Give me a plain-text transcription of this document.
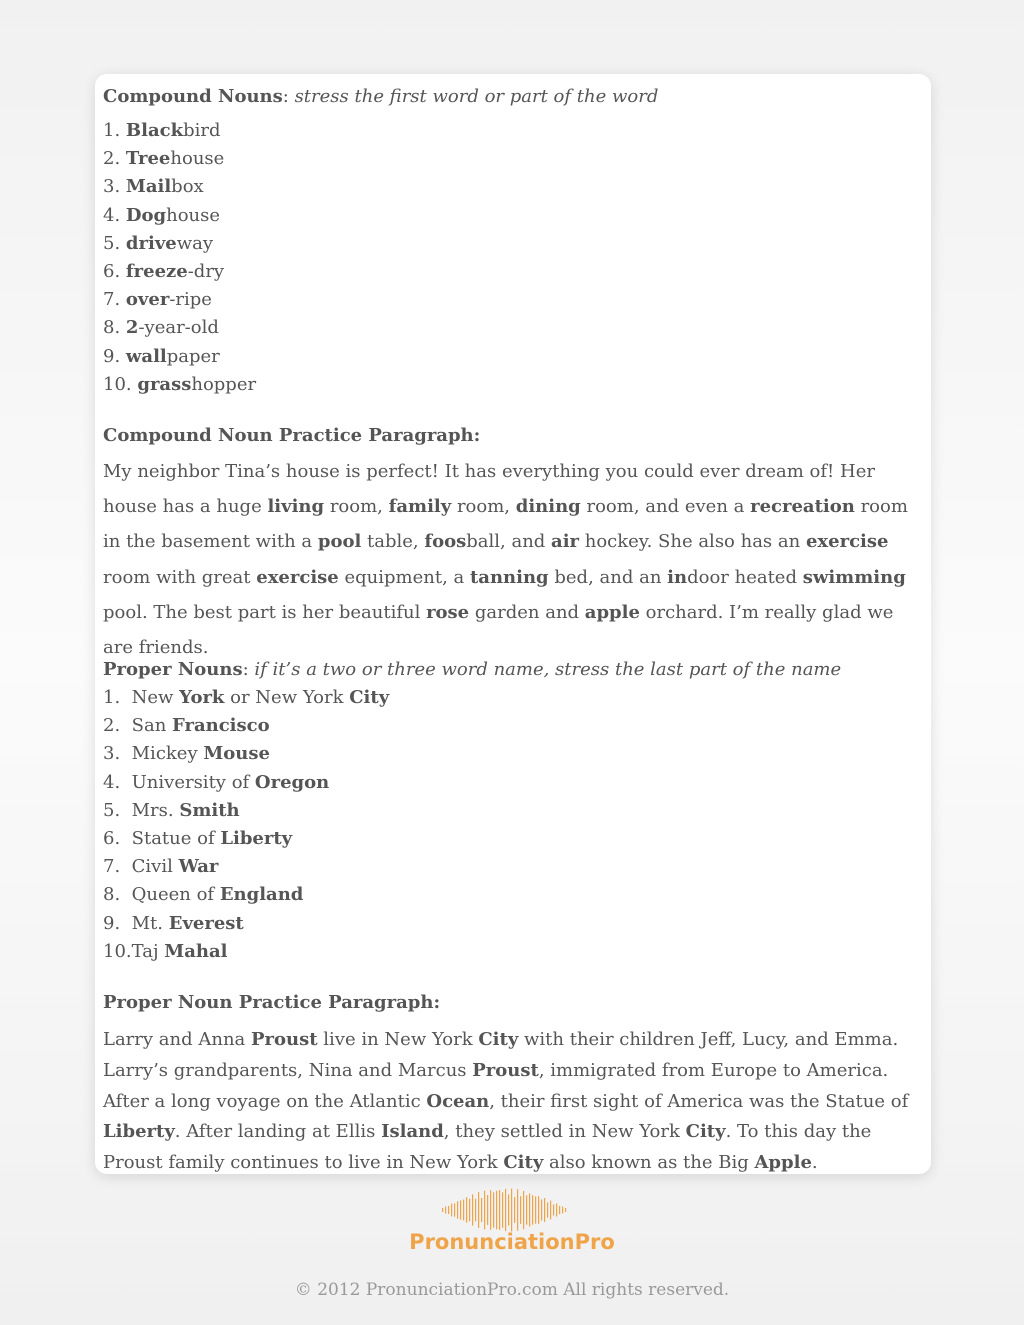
Compound Nouns: stress the first word or part of the word
1. Blackbird
2. Treehouse
3. Mailbox
4. Doghouse
5. driveway
6. freeze-dry
7. over-ripe
8. 2-year-old
9. wallpaper
10. grasshopper
Compound Noun Practice Paragraph:

My neighbor Tina’s house is perfect! It has everything you could ever dream of! Her house has a huge living room, family room, dining room, and even a recreation room in the basement with a pool table, foosball, and air hockey. She also has an exercise room with great exercise equipment, a tanning bed, and an indoor heated swimming pool. The best part is her beautiful rose garden and apple orchard. I’m really glad we are friends.

Proper Nouns: if it’s a two or three word name, stress the last part of the name
1.  New York or New York City
2.  San Francisco
3.  Mickey Mouse
4.  University of Oregon
5.  Mrs. Smith
6.  Statue of Liberty
7.  Civil War
8.  Queen of England
9.  Mt. Everest
10.Taj Mahal
Proper Noun Practice Paragraph:

Larry and Anna Proust live in New York City with their children Jeff, Lucy, and Emma. Larry’s grandparents, Nina and Marcus Proust, immigrated from Europe to America. After a long voyage on the Atlantic Ocean, their first sight of America was the Statue of Liberty. After landing at Ellis Island, they settled in New York City. To this day the Proust family continues to live in New York City also known as the Big Apple.

PronunciationPro
© 2012 PronunciationPro.com All rights reserved.
